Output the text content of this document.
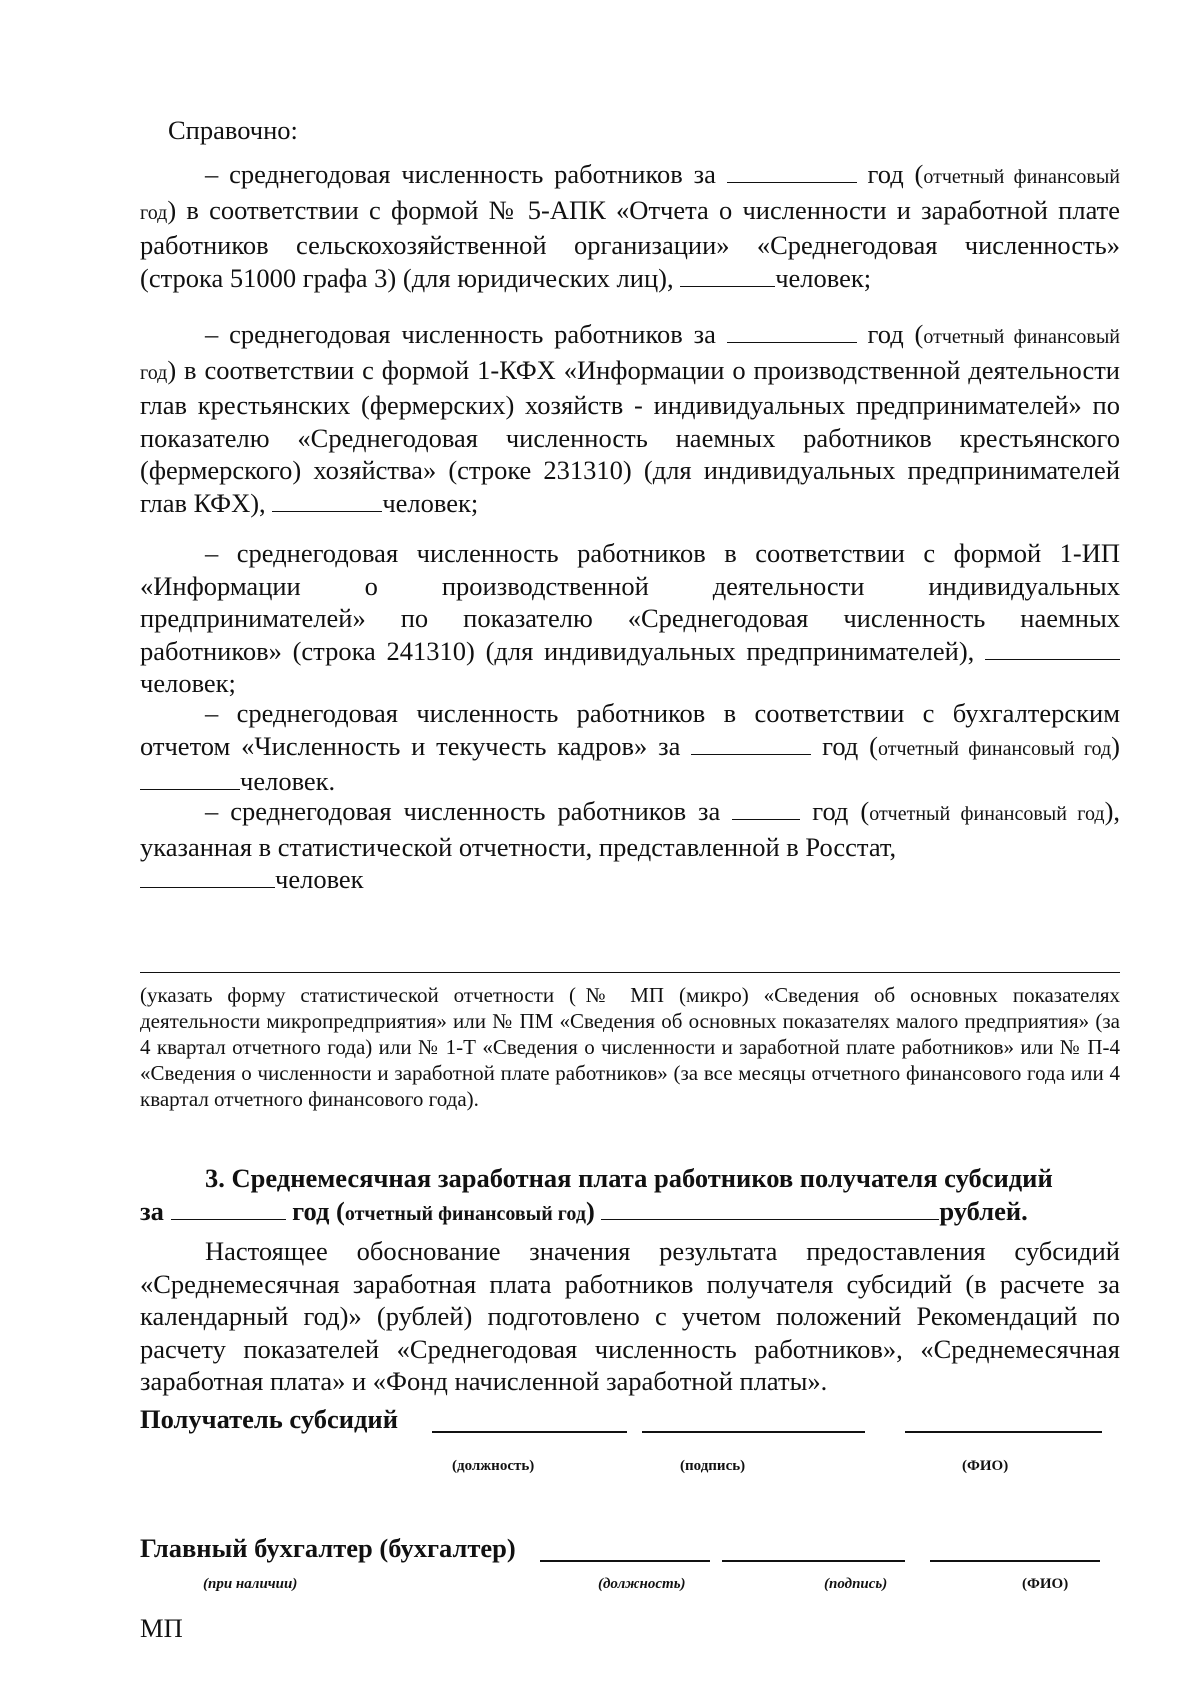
Справочно:
– среднегодовая численность работников за	год (отчетный финансовый год) в соответствии с формой № 5-АПК «Отчета о численности и заработной плате работников сельскохозяйственной организации» «Среднегодовая численность» (строка 51000 графа 3) (для юридических лиц),	человек;
– среднегодовая численность работников за	год (отчетный финансовый год) в соответствии с формой 1-КФХ «Информации о производственной деятельности глав крестьянских (фермерских) хозяйств - индивидуальных предпринимателей» по показателю «Среднегодовая численность наемных работников крестьянского (фермерского) хозяйства» (строке 231310) (для индивидуальных предпринимателей глав КФХ),	человек;
– среднегодовая численность работников в соответствии с формой 1-ИП «Информации о производственной деятельности индивидуальных предпринимателей» по показателю «Среднегодовая численность наемных работников» (строка 241310) (для индивидуальных предпринимателей), человек;
– среднегодовая численность работников в соответствии с бухгалтерским отчетом «Численность и текучесть кадров» за	год (отчетный финансовый год) человек.
– среднегодовая численность работников за	год (отчетный финансовый год), указанная в статистической отчетности, представленной в Росстат,
человек
(указать форму статистической отчетности (№ МП (микро) «Сведения об основных показателях деятельности микропредприятия» или № ПМ «Сведения об основных показателях малого предприятия» (за 4 квартал отчетного года) или № 1-Т «Сведения о численности и заработной плате работников» или № П-4 «Сведения о численности и заработной плате работников» (за все месяцы отчетного финансового года или 4 квартал отчетного финансового года).
3. Среднемесячная заработная плата работников получателя субсидий
за	год (отчетный финансовый год)	рублей.
Настоящее обоснование значения результата предоставления субсидий «Среднемесячная заработная плата работников получателя субсидий (в расчете за календарный год)» (рублей) подготовлено с учетом положений Рекомендаций по расчету показателей «Среднегодовая численность работников», «Среднемесячная заработная плата» и «Фонд начисленной заработной платы».
Получатель субсидий
(должность)	(подпись)	(ФИО)
Главный бухгалтер (бухгалтер)
(при наличии)	(должность)	(подпись)	(ФИО)
МП
